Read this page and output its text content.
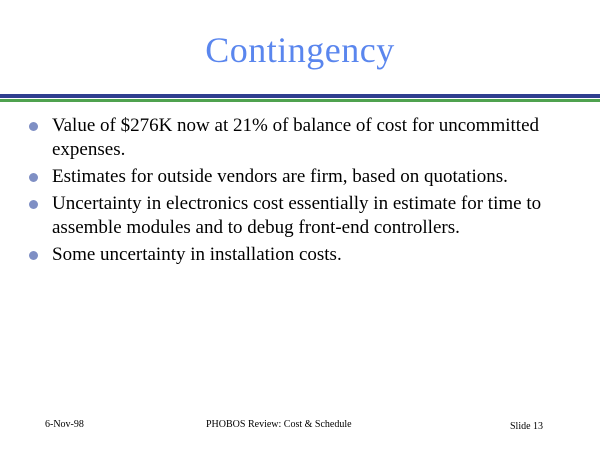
Contingency
Value of $276K now at 21% of balance of cost for uncommitted expenses.
Estimates for outside vendors are firm, based on quotations.
Uncertainty in electronics cost essentially in estimate for time to assemble modules and to debug front-end controllers.
Some uncertainty in installation costs.
6-Nov-98	PHOBOS Review: Cost & Schedule	Slide 13
